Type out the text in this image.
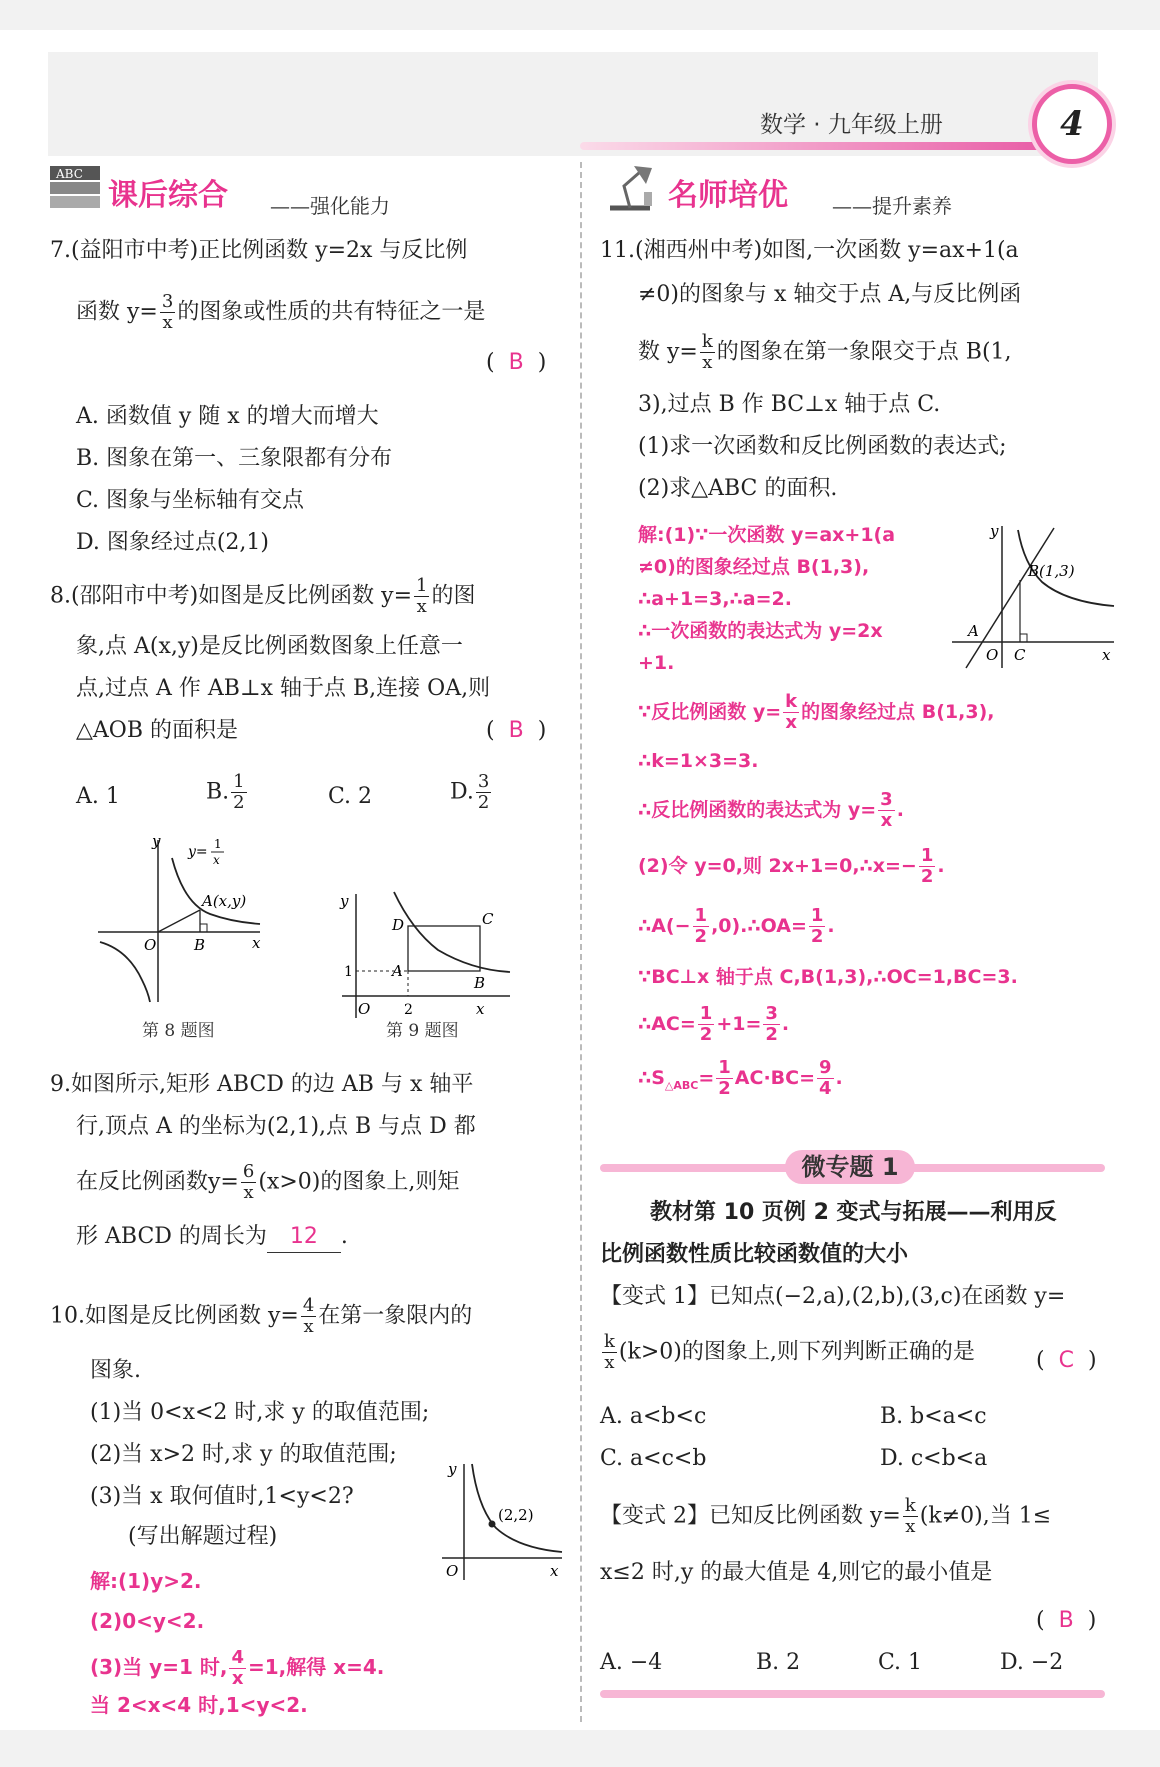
数学 · 九年级上册	4
ABC
课后综合 ——强化能力	名师培优 ——提升素养
7.(益阳市中考)正比例函数 y=2x 与反比例
函数 $y= \frac{3}{x}$ 的图象或性质的共有特征之一是
( B )
A. 函数值 y 随 x 的增大而增大
B. 图象在第一、三象限都有分布
C. 图象与坐标轴有交点
D. 图象经过点(2,1)
8.(邵阳市中考)如图是反比例函数 $y= \frac{1}{x}$ 的图
象,点 A(x,y)是反比例函数图象上任意一
点,过点 A 作 AB⊥x 轴于点 B,连接 OA,则
△AOB 的面积是	( B )
A. 1	B. $\frac{1}{2}$	C. 2	D. $\frac{3}{2}$
y
x
O	B
A(x,y)
y= 1
x
第 8 题图
y
x
O
D	C
A
B
1
2
第 9 题图
9.如图所示,矩形 ABCD 的边 AB 与 x 轴平
行,顶点 A 的坐标为(2,1),点 B 与点 D 都
在反比例函数$y= \frac{6}{x} (x>0)$的图象上,则矩
形 ABCD 的周长为 12 .
10.如图是反比例函数 $y= \frac{4}{x}$ 在第一象限内的
图象.
(1)当 0<x<2 时,求 y 的取值范围;
(2)当 x>2 时,求 y 的取值范围;
(3)当 x 取何值时,1<y<2?
(写出解题过程)
解:(1)y>2.
(2)0<y<2.
(3)当 y=1 时, $\frac{4}{x} =1$,解得 x=4.
y
x
O
(2,2)
11.(湘西州中考)如图,一次函数 y=ax+1(a
≠0)的图象与 x 轴交于点 A,与反比例函
数 $y= \frac{k}{x}$ 的图象在第一象限交于点 B(1,
3),过点 B 作 BC⊥x 轴于点 C.
(1)求一次函数和反比例函数的表达式;
(2)求△ABC 的面积.
解:(1)∵一次函数 y=ax+1(a
≠0)的图象经过点 B(1,3),
∴a+1=3,∴a=2.
∴一次函数的表达式为 y=2x
+1.
∵反比例函数 $y= \frac{k}{x}$ 的图象经过点 B(1,3),
∴k=1×3=3.
∴反比例函数的表达式为 $y= \frac{3}{x}$ .
(2)令 y=0,则 2x+1=0,∴x=− $\frac{1}{2}$ .
∴A(− $\frac{1}{2}$ ,0).∴OA= $\frac{1}{2}$ .
∵BC⊥x 轴于点 C,B(1,3),∴OC=1,BC=3.
∴AC= $\frac{1}{2} +1= \frac{3}{2}$ .
$\therefore S_{\triangle ABC}= \frac{1}{2} AC\cdot BC= \frac{9}{4}$ .
y
x
O
A
B(1,3)
C
微专题 1
教材第 10 页例 2 变式与拓展——利用反
比例函数性质比较函数值的大小
【变式 1】已知点(−2,a),(2,b),(3,c)在函数 y=
$\frac{k}{x} (k>0)$的图象上,则下列判断正确的是	( C )
A. a<b<c	B. b<a<c
C. a<c<b	D. c<b<a
【变式 2】已知反比例函数 $y= \frac{k}{x} (k\ne 0)$,当 1≤
x≤2 时,y 的最大值是 4,则它的最小值是
( B )
A. −4	B. 2	C. 1	D. −2
当 2<x<4 时,1<y<2.
